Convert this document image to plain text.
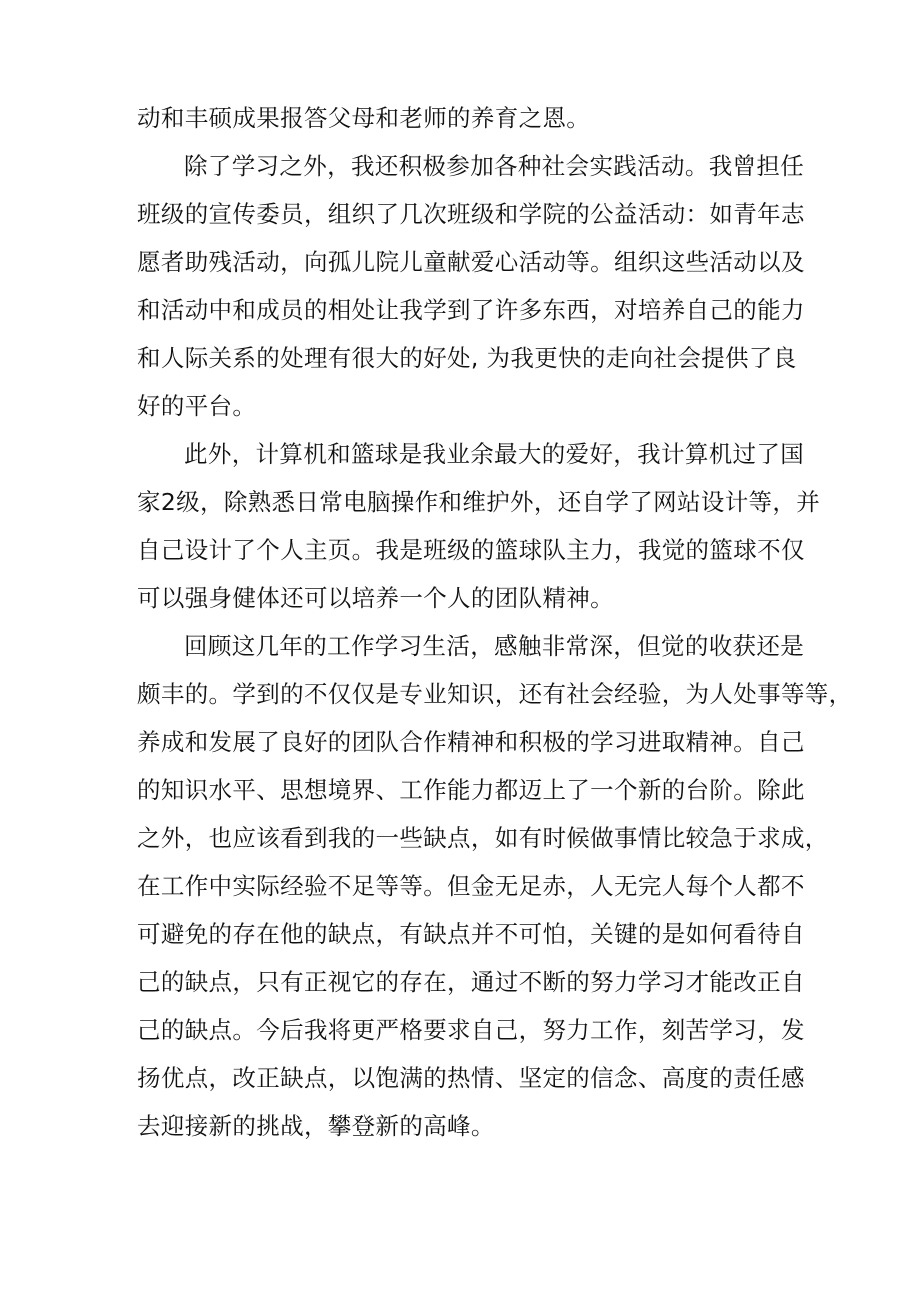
动和丰硕成果报答父母和老师的养育之恩。
除了学习之外，我还积极参加各种社会实践活动。我曾担任
班级的宣传委员，组织了几次班级和学院的公益活动：如青年志
愿者助残活动，向孤儿院儿童献爱心活动等。组织这些活动以及
和活动中和成员的相处让我学到了许多东西，对培养自己的能力
和人际关系的处理有很大的好处, 为我更快的走向社会提供了良
好的平台。
此外，计算机和篮球是我业余最大的爱好，我计算机过了国
家2级，除熟悉日常电脑操作和维护外，还自学了网站设计等，并
自己设计了个人主页。我是班级的篮球队主力，我觉的篮球不仅
可以强身健体还可以培养一个人的团队精神。
回顾这几年的工作学习生活，感触非常深，但觉的收获还是
颇丰的。学到的不仅仅是专业知识，还有社会经验，为人处事等等，
养成和发展了良好的团队合作精神和积极的学习进取精神。自己
的知识水平、思想境界、工作能力都迈上了一个新的台阶。除此
之外，也应该看到我的一些缺点，如有时候做事情比较急于求成，
在工作中实际经验不足等等。但金无足赤，人无完人每个人都不
可避免的存在他的缺点，有缺点并不可怕，关键的是如何看待自
己的缺点，只有正视它的存在，通过不断的努力学习才能改正自
己的缺点。今后我将更严格要求自己，努力工作，刻苦学习，发
扬优点，改正缺点，以饱满的热情、坚定的信念、高度的责任感
去迎接新的挑战，攀登新的高峰。
